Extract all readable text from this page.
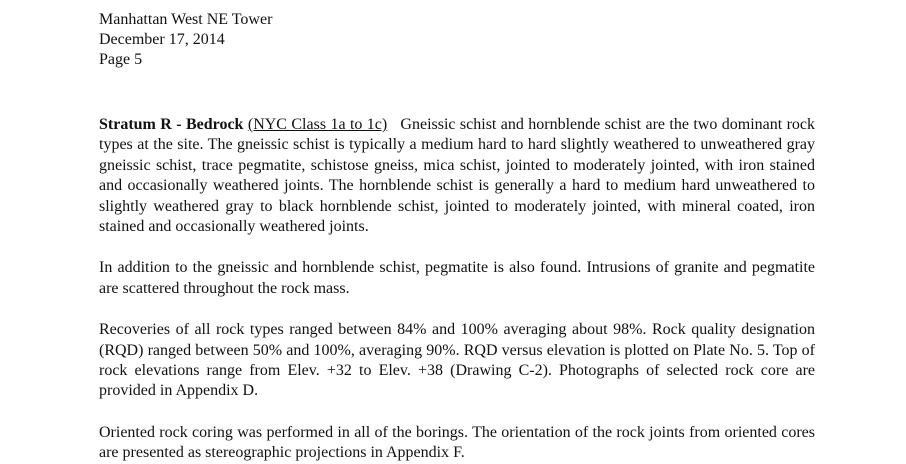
Manhattan West NE Tower

December 17, 2014

Page 5

Stratum R - Bedrock (NYC Class 1a to 1c) Gneissic schist and hornblende schist are the two dominant rock types at the site. The gneissic schist is typically a medium hard to hard slightly weathered to unweathered gray gneissic schist, trace pegmatite, schistose gneiss, mica schist, jointed to moderately jointed, with iron stained and occasionally weathered joints. The hornblende schist is generally a hard to medium hard unweathered to slightly weathered gray to black hornblende schist, jointed to moderately jointed, with mineral coated, iron stained and occasionally weathered joints.

In addition to the gneissic and hornblende schist, pegmatite is also found. Intrusions of granite and pegmatite are scattered throughout the rock mass.

Recoveries of all rock types ranged between 84% and 100% averaging about 98%. Rock quality designation (RQD) ranged between 50% and 100%, averaging 90%. RQD versus elevation is plotted on Plate No. 5. Top of rock elevations range from Elev. +32 to Elev. +38 (Drawing C-2). Photographs of selected rock core are provided in Appendix D.

Oriented rock coring was performed in all of the borings. The orientation of the rock joints from oriented cores are presented as stereographic projections in Appendix F.
